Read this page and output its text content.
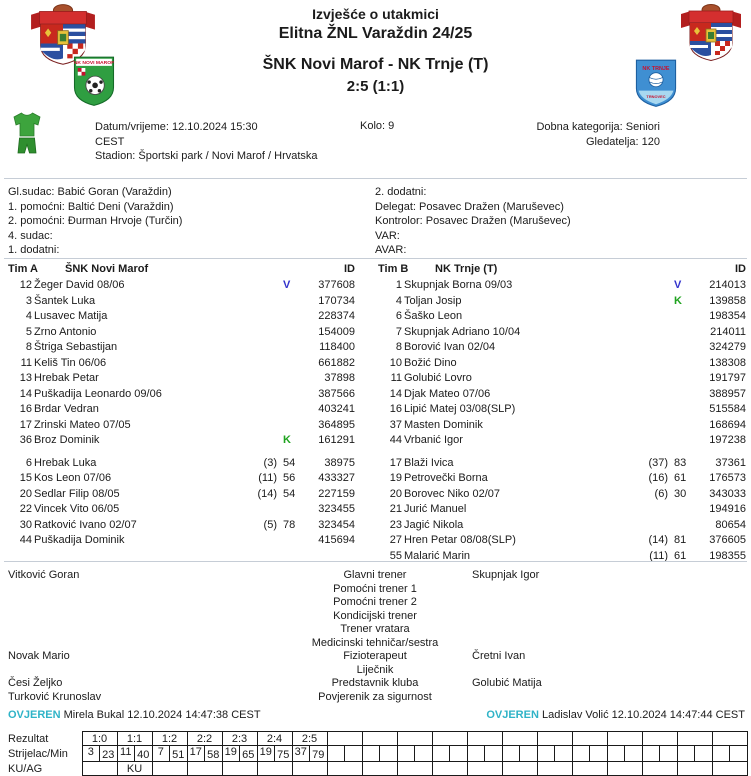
NK NOVI MAROF
NK TRNJE
TRNOVEC
Izvješće o utakmici
Elitna ŽNL Varaždin 24/25
ŠNK Novi Marof - NK Trnje (T)
2:5 (1:1)
Datum/vrijeme: 12.10.2024 15:30
CEST
Stadion: Športski park / Novi Marof / Hrvatska
Kolo: 9	Dobna kategorija: Seniori
Gledatelja: 120
Gl.sudac: Babić Goran (Varaždin)
1. pomoćni: Baltić Deni (Varaždin)
2. pomoćni: Đurman Hrvoje (Turčin)
4. sudac:
1. dodatni:
2. dodatni:
Delegat: Posavec Dražen (Maruševec)
Kontrolor: Posavec Dražen (Maruševec)
VAR:
AVAR:
Tim A	ŠNK Novi Marof	ID
12 Žeger David 08/06	V	377608
3 Šantek Luka	170734
4 Lusavec Matija	228374
5 Zrno Antonio	154009
8 Štriga Sebastijan	118400
11 Keliš Tin 06/06	661882
13 Hrebak Petar	37898
14 Puškadija Leonardo 09/06	387566
16 Brdar Vedran	403241
17 Zrinski Mateo 07/05	364895
36 Broz Dominik	K	161291
6 Hrebak Luka	(3) 54	38975
15 Kos Leon 07/06	(11) 56	433327
20 Sedlar Filip 08/05	(14) 54	227159
22 Vincek Vito 06/05	323455
30 Ratković Ivano 02/07	(5) 78	323454
44 Puškadija Dominik	415694
Tim B	NK Trnje (T)	ID
1 Skupnjak Borna 09/03	V	214013
4 Toljan Josip	K	139858
6 Šaško Leon	198354
7 Skupnjak Adriano 10/04	214011
8 Borović Ivan 02/04	324279
10 Božić Dino	138308
11 Golubić Lovro	191797
14 Djak Mateo 07/06	388957
16 Lipić Matej 03/08(SLP)	515584
37 Masten Dominik	168694
44 Vrbanić Igor	197238
17 Blaži Ivica	(37) 83	37361
19 Petrovečki Borna	(16) 61	176573
20 Borovec Niko 02/07	(6) 30	343033
21 Jurić Manuel	194916
23 Jagić Nikola	80654
27 Hren Petar 08/08(SLP)	(14) 81	376605
55 Malarić Marin	(11) 61	198355
Vitković Goran	Glavni trener	Skupnjak Igor
Pomoćni trener 1
Pomoćni trener 2
Kondicijski trener
Trener vratara
Medicinski tehničar/sestra
Novak Mario	Fizioterapeut	Čretni Ivan
Liječnik
Česi Željko	Predstavnik kluba	Golubić Matija
Turković Krunoslav	Povjerenik za sigurnost
OVJEREN Mirela Bukal 12.10.2024 14:47:38 CEST	OVJEREN Ladislav Volić 12.10.2024 14:47:44 CEST
Rezultat	1:0	1:1	1:2	2:2	2:3	2:4	2:5												
Strijelac/Min	3 23	11 40	7 51	17 58	19 65	19 75	37 79												

KU/AG		KU																	
